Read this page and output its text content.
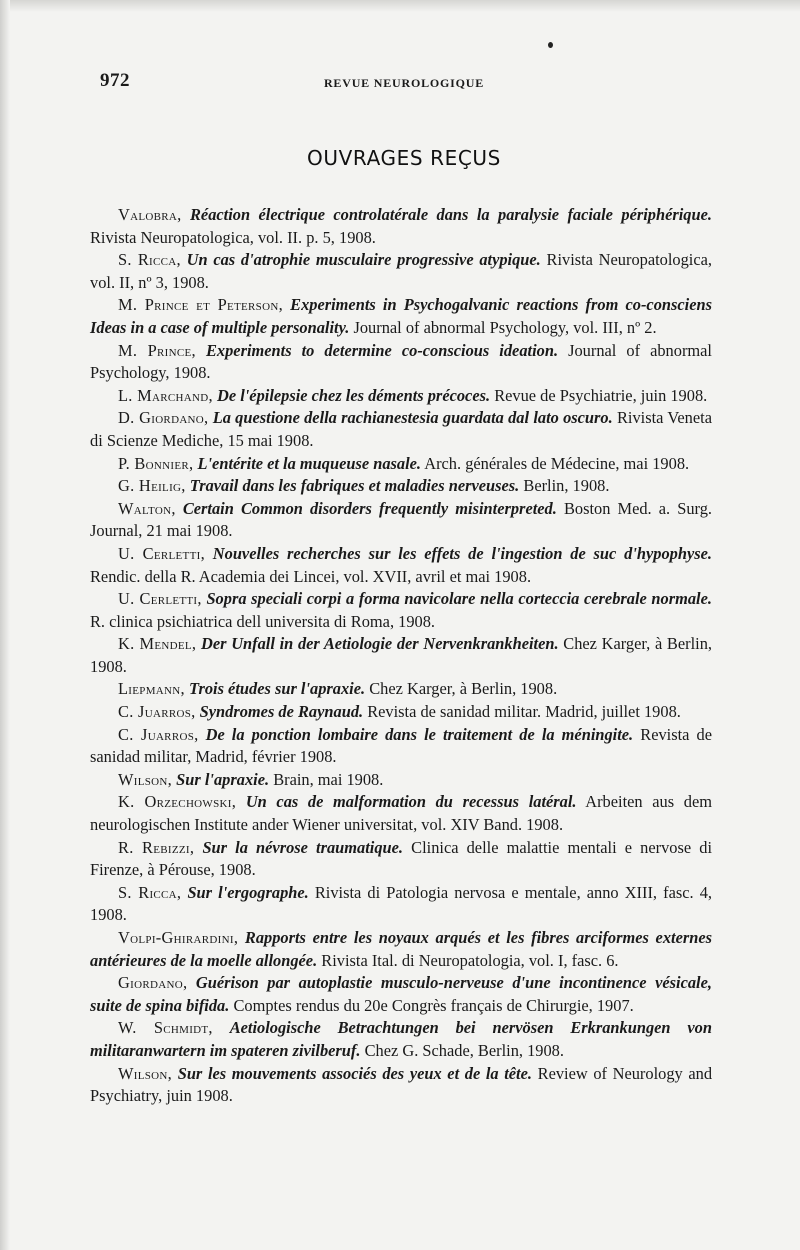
972	REVUE NEUROLOGIQUE
OUVRAGES REÇUS
Valobra, Réaction électrique controlatérale dans la paralysie faciale périphérique. Rivista Neuropatologica, vol. II. p. 5, 1908.
S. Ricca, Un cas d'atrophie musculaire progressive atypique. Rivista Neuropatologica, vol. II, nº 3, 1908.
M. Prince et Peterson, Experiments in Psychogalvanic reactions from co-consciens Ideas in a case of multiple personality. Journal of abnormal Psychology, vol. III, nº 2.
M. Prince, Experiments to determine co-conscious ideation. Journal of abnormal Psychology, 1908.
L. Marchand, De l'épilepsie chez les déments précoces. Revue de Psychiatrie, juin 1908.
D. Giordano, La questione della rachianestesia guardata dal lato oscuro. Rivista Veneta di Scienze Mediche, 15 mai 1908.
P. Bonnier, L'entérite et la muqueuse nasale. Arch. générales de Médecine, mai 1908.
G. Heilig, Travail dans les fabriques et maladies nerveuses. Berlin, 1908.
Walton, Certain Common disorders frequently misinterpreted. Boston Med. a. Surg. Journal, 21 mai 1908.
U. Cerletti, Nouvelles recherches sur les effets de l'ingestion de suc d'hypophyse. Rendic. della R. Academia dei Lincei, vol. XVII, avril et mai 1908.
U. Cerletti, Sopra speciali corpi a forma navicolare nella corteccia cerebrale normale. R. clinica psichiatrica dell universita di Roma, 1908.
K. Mendel, Der Unfall in der Aetiologie der Nervenkrankheiten. Chez Karger, à Berlin, 1908.
Liepmann, Trois études sur l'apraxie. Chez Karger, à Berlin, 1908.
C. Juarros, Syndromes de Raynaud. Revista de sanidad militar. Madrid, juillet 1908.
C. Juarros, De la ponction lombaire dans le traitement de la méningite. Revista de sanidad militar, Madrid, février 1908.
Wilson, Sur l'apraxie. Brain, mai 1908.
K. Orzechowski, Un cas de malformation du recessus latéral. Arbeiten aus dem neurologischen Institute ander Wiener universitat, vol. XIV Band. 1908.
R. Rebizzi, Sur la névrose traumatique. Clinica delle malattie mentali e nervose di Firenze, à Pérouse, 1908.
S. Ricca, Sur l'ergographe. Rivista di Patologia nervosa e mentale, anno XIII, fasc. 4, 1908.
Volpi-Ghirardini, Rapports entre les noyaux arqués et les fibres arciformes externes antérieures de la moelle allongée. Rivista Ital. di Neuropatologia, vol. I, fasc. 6.
Giordano, Guérison par autoplastie musculo-nerveuse d'une incontinence vésicale, suite de spina bifida. Comptes rendus du 20e Congrès français de Chirurgie, 1907.
W. Schmidt, Aetiologische Betrachtungen bei nervösen Erkrankungen von militaranwartern im spateren zivilberuf. Chez G. Schade, Berlin, 1908.
Wilson, Sur les mouvements associés des yeux et de la tête. Review of Neurology and Psychiatry, juin 1908.
